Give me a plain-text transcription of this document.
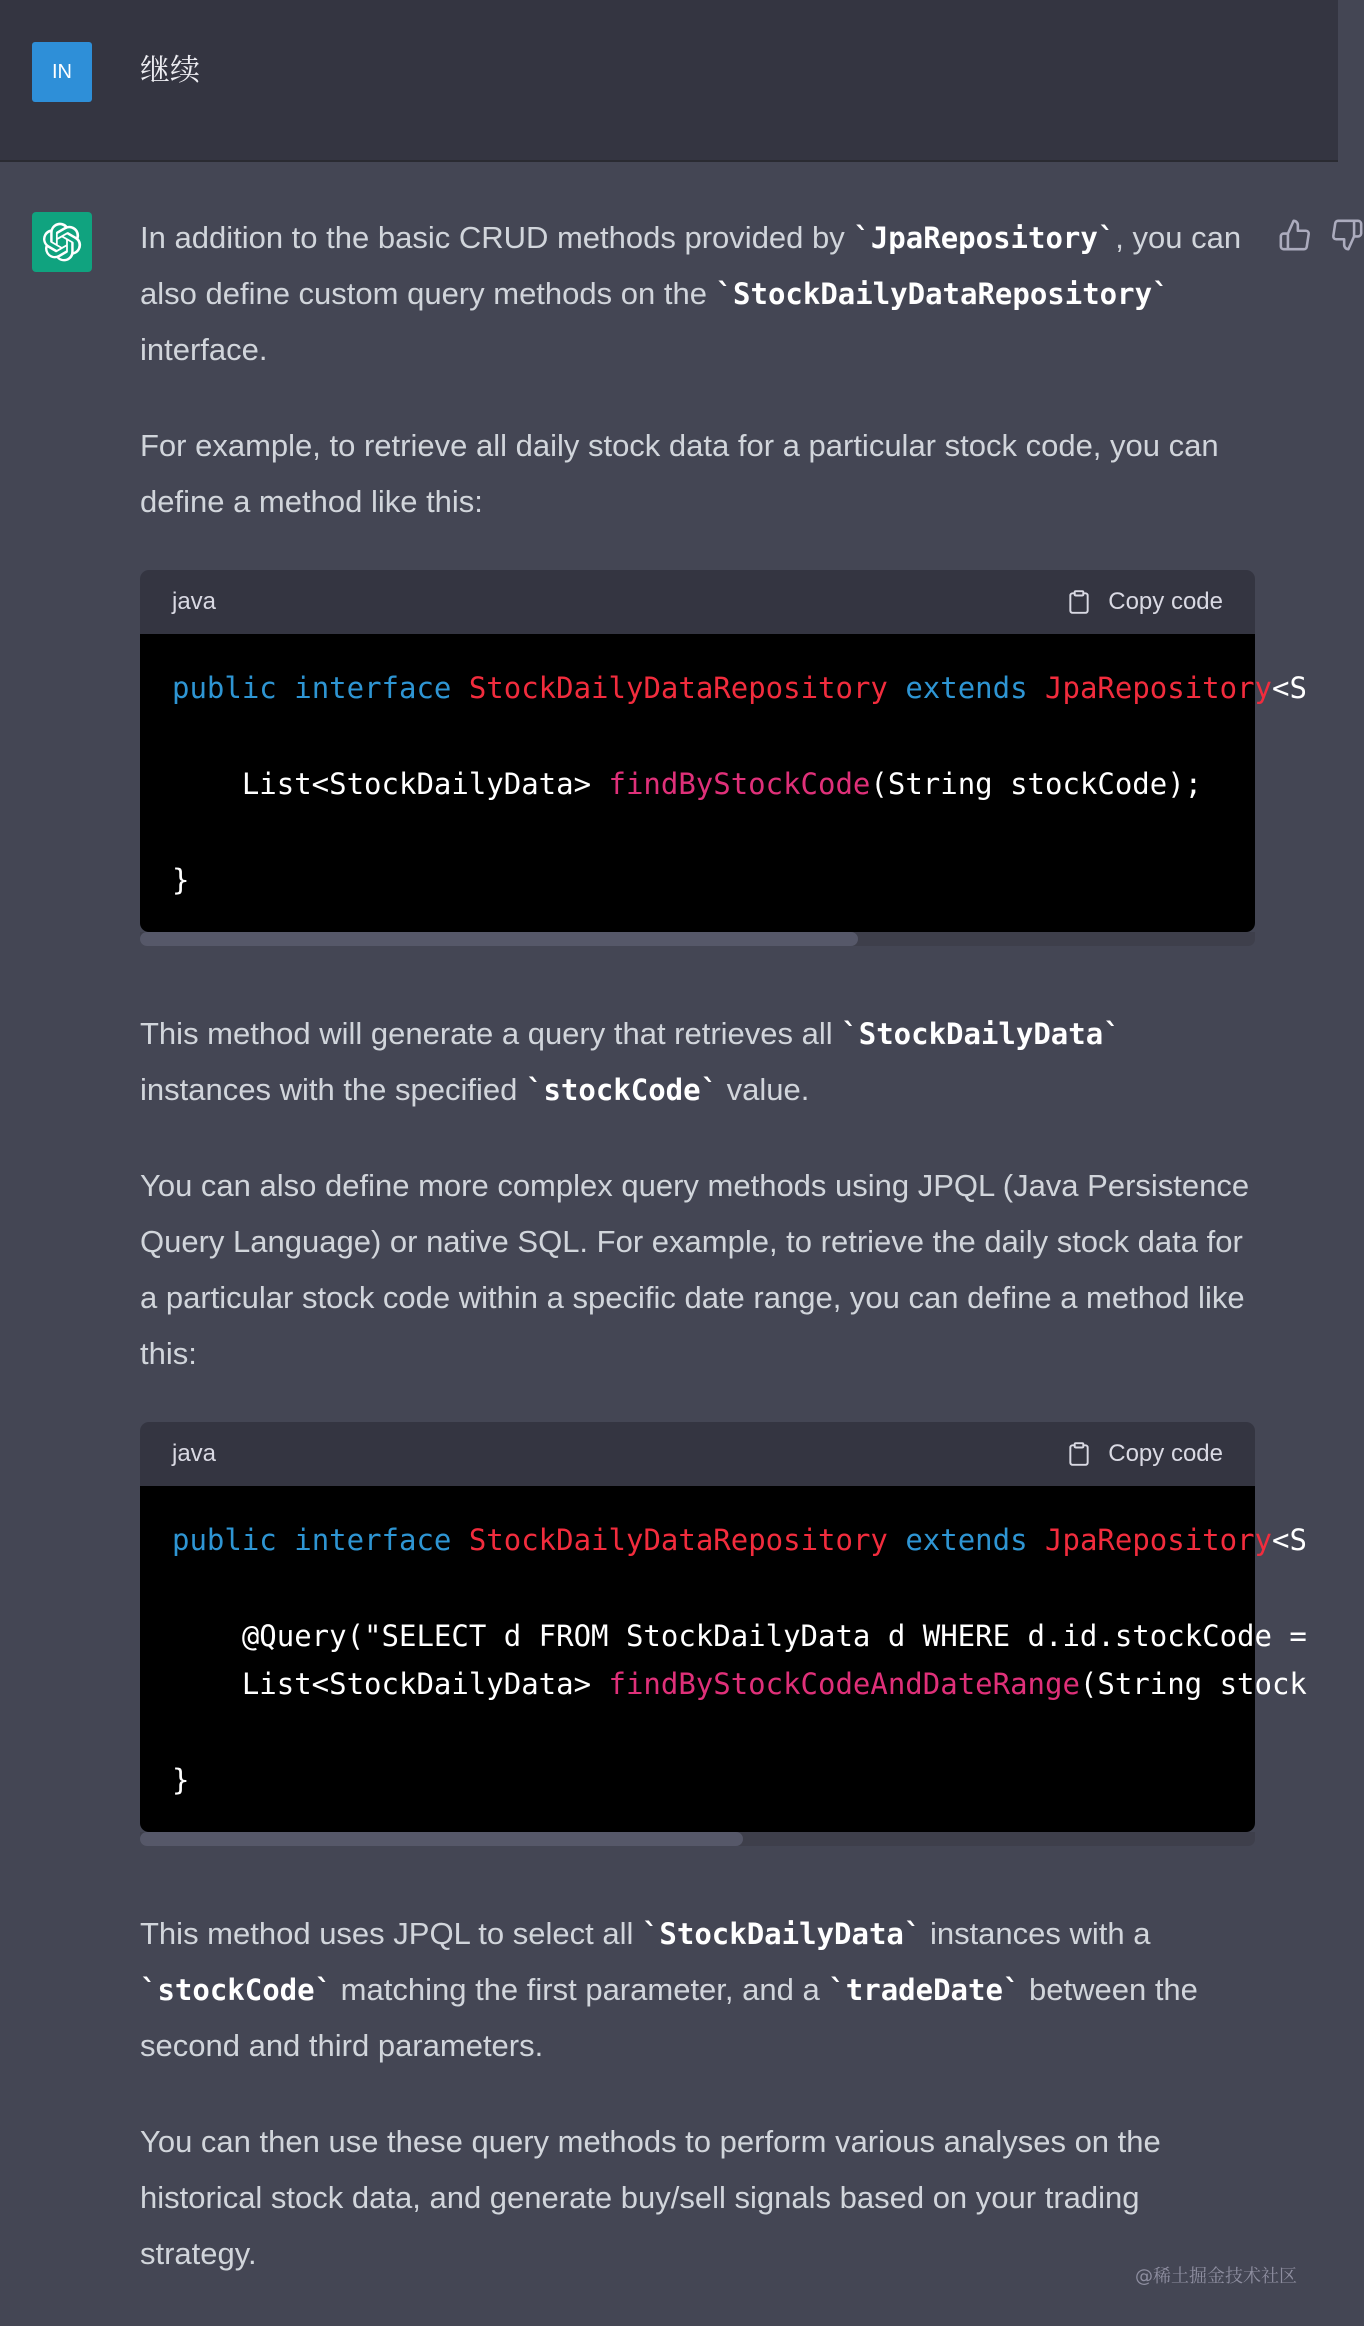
IN 继续

In addition to the basic CRUD methods provided by `JpaRepository`, you can also define custom query methods on the `StockDailyDataRepository` interface.

For example, to retrieve all daily stock data for a particular stock code, you can define a method like this:

java	Copy code
public interface StockDailyDataRepository extends JpaRepository<S

List<StockDailyData> findByStockCode(String stockCode);

}

This method will generate a query that retrieves all `StockDailyData` instances with the specified `stockCode` value.

You can also define more complex query methods using JPQL (Java Persistence Query Language) or native SQL. For example, to retrieve the daily stock data for a particular stock code within a specific date range, you can define a method like this:

java	Copy code
public interface StockDailyDataRepository extends JpaRepository<S

@Query("SELECT d FROM StockDailyData d WHERE d.id.stockCode =
List<StockDailyData> findByStockCodeAndDateRange(String stock

}

This method uses JPQL to select all `StockDailyData` instances with a `stockCode` matching the first parameter, and a `tradeDate` between the second and third parameters.

You can then use these query methods to perform various analyses on the historical stock data, and generate buy/sell signals based on your trading strategy.

@稀土掘金技术社区
